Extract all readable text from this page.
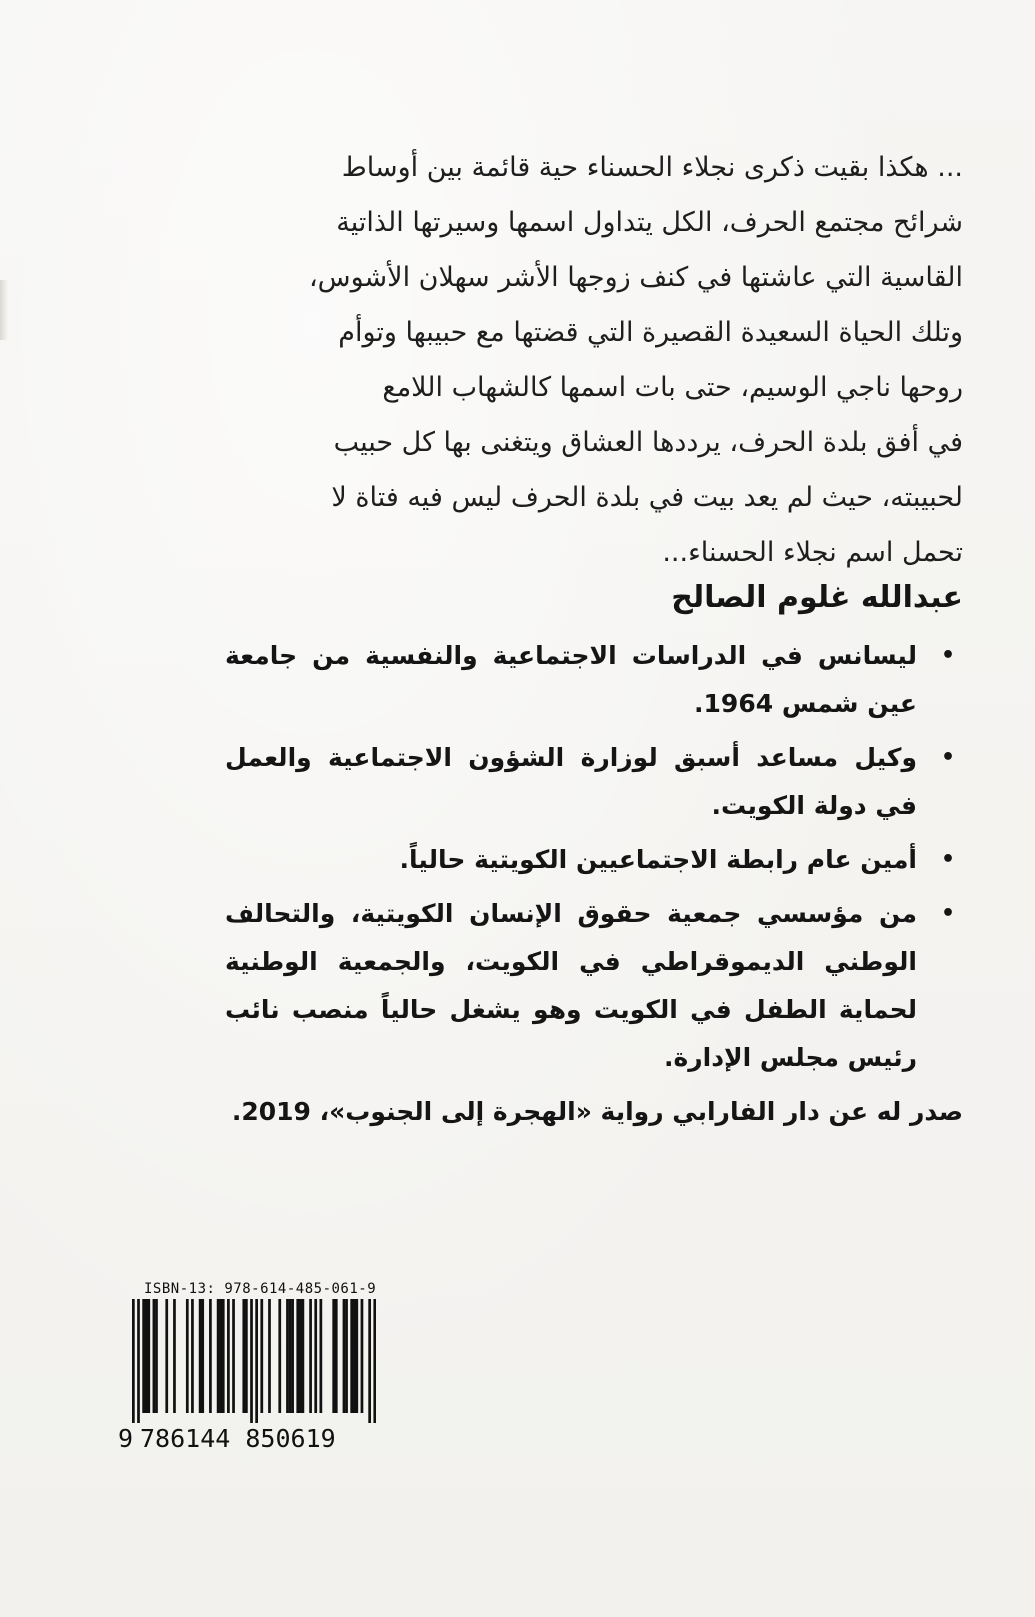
... هكذا بقيت ذكرى نجلاء الحسناء حية قائمة بين أوساط

شرائح مجتمع الحرف، الكل يتداول اسمها وسيرتها الذاتية

القاسية التي عاشتها في كنف زوجها الأشر سهلان الأشوس،

وتلك الحياة السعيدة القصيرة التي قضتها مع حبيبها وتوأم

روحها ناجي الوسيم، حتى بات اسمها كالشهاب اللامع

في أفق بلدة الحرف، يرددها العشاق ويتغنى بها كل حبيب

لحبيبته، حيث لم يعد بيت في بلدة الحرف ليس فيه فتاة لا

تحمل اسم نجلاء الحسناء...

عبدالله غلوم الصالح
•
ليسانس في الدراسات الاجتماعية والنفسية من جامعة عين شمس 1964.
•
وكيل مساعد أسبق لوزارة الشؤون الاجتماعية والعمل في دولة الكويت.
•
أمين عام رابطة الاجتماعيين الكويتية حالياً.
•
من مؤسسي جمعية حقوق الإنسان الكويتية، والتحالف الوطني الديموقراطي في الكويت، والجمعية الوطنية لحماية الطفل في الكويت وهو يشغل حالياً منصب نائب رئيس مجلس الإدارة.

صدر له عن دار الفارابي رواية «الهجرة إلى الجنوب»، 2019.

ISBN-13: 978-614-485-061-9
9 786144 850619
